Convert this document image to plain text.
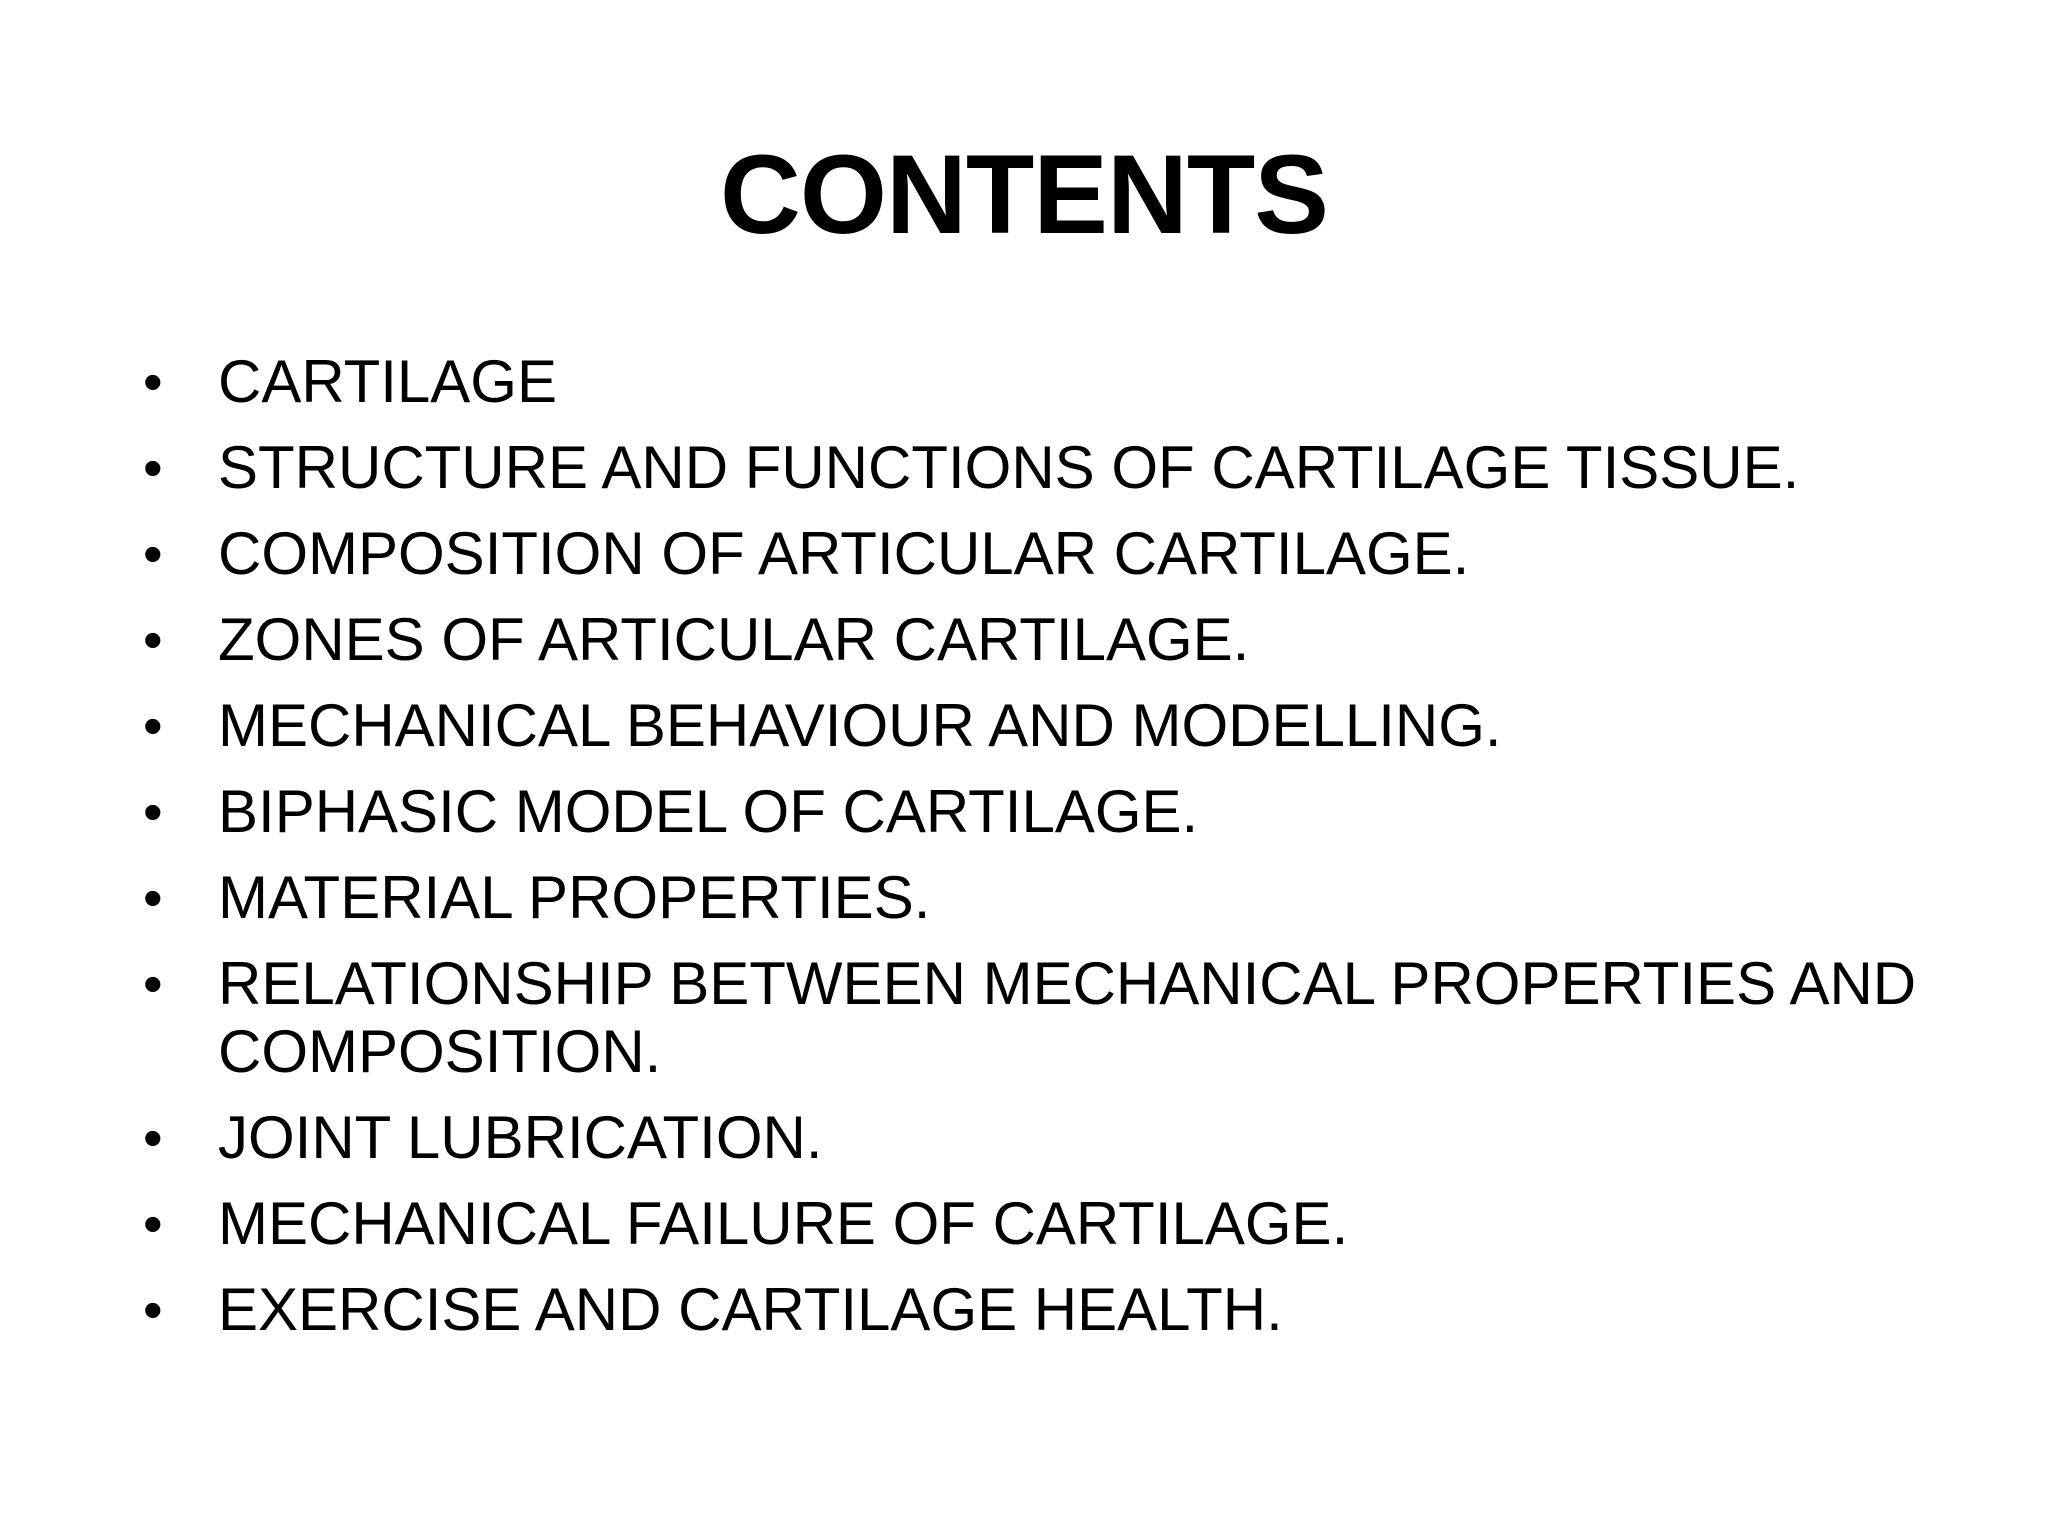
CONTENTS
• CARTILAGE
• STRUCTURE AND FUNCTIONS OF CARTILAGE TISSUE.
• COMPOSITION OF ARTICULAR CARTILAGE.
• ZONES OF ARTICULAR CARTILAGE.
• MECHANICAL BEHAVIOUR AND MODELLING.
• BIPHASIC MODEL OF CARTILAGE.
• MATERIAL PROPERTIES.
• RELATIONSHIP BETWEEN MECHANICAL PROPERTIES AND COMPOSITION.
• JOINT LUBRICATION.
• MECHANICAL FAILURE OF CARTILAGE.
• EXERCISE AND CARTILAGE HEALTH.
